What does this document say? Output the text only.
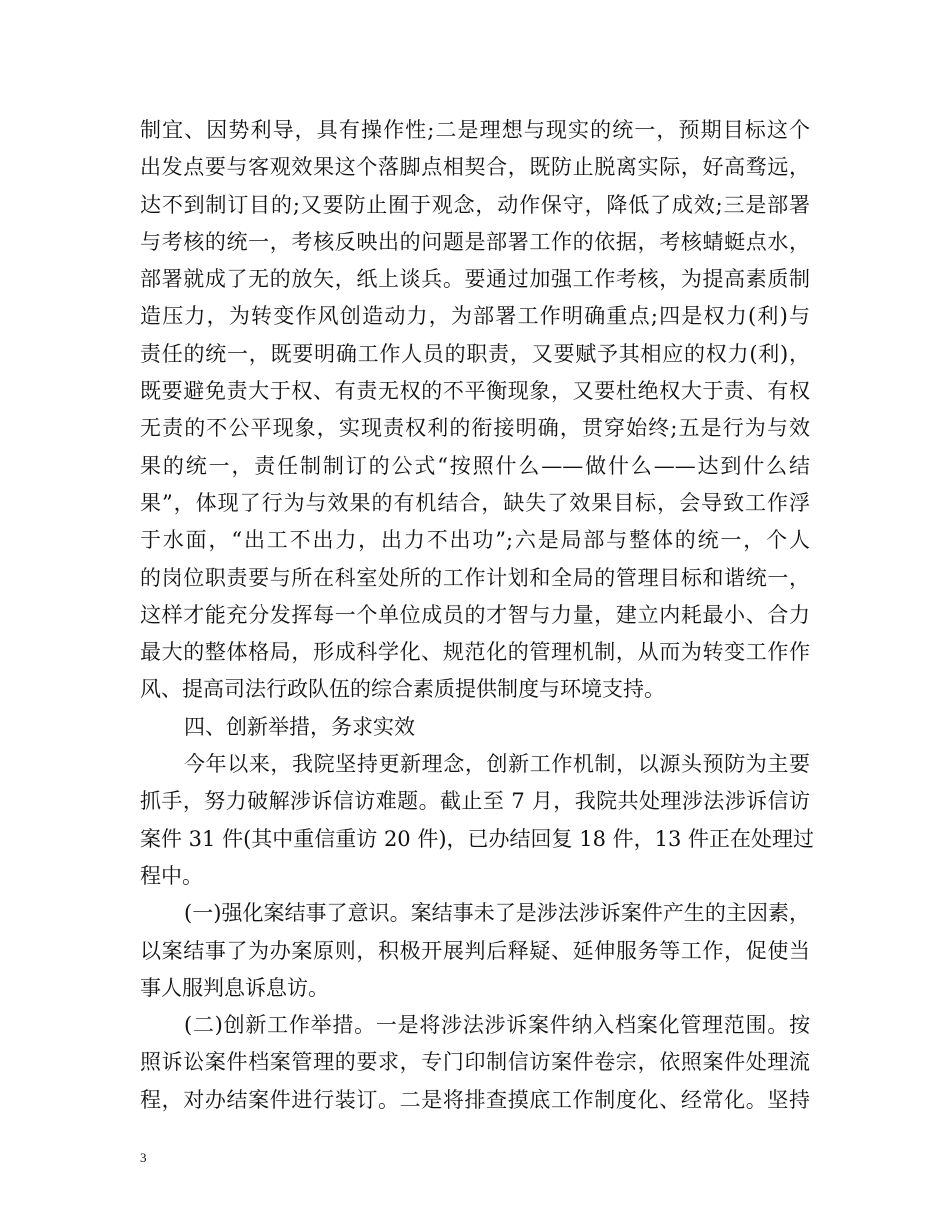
制宜、因势利导，具有操作性;二是理想与现实的统一，预期目标这个
出发点要与客观效果这个落脚点相契合，既防止脱离实际，好高骛远，
达不到制订目的;又要防止囿于观念，动作保守，降低了成效;三是部署
与考核的统一，考核反映出的问题是部署工作的依据，考核蜻蜓点水，
部署就成了无的放矢，纸上谈兵。要通过加强工作考核，为提高素质制
造压力，为转变作风创造动力，为部署工作明确重点;四是权力(利)与
责任的统一，既要明确工作人员的职责，又要赋予其相应的权力(利)，
既要避免责大于权、有责无权的不平衡现象，又要杜绝权大于责、有权
无责的不公平现象，实现责权利的衔接明确，贯穿始终;五是行为与效
果的统一，责任制制订的公式“按照什么——做什么——达到什么结
果”，体现了行为与效果的有机结合，缺失了效果目标，会导致工作浮
于水面，“出工不出力，出力不出功”;六是局部与整体的统一，个人
的岗位职责要与所在科室处所的工作计划和全局的管理目标和谐统一，
这样才能充分发挥每一个单位成员的才智与力量，建立内耗最小、合力
最大的整体格局，形成科学化、规范化的管理机制，从而为转变工作作
风、提高司法行政队伍的综合素质提供制度与环境支持。
四、创新举措，务求实效
今年以来，我院坚持更新理念，创新工作机制，以源头预防为主要
抓手，努力破解涉诉信访难题。截止至 7 月，我院共处理涉法涉诉信访
案件 31 件(其中重信重访 20 件)，已办结回复 18 件，13 件正在处理过
程中。
(一)强化案结事了意识。案结事未了是涉法涉诉案件产生的主因素，
以案结事了为办案原则，积极开展判后释疑、延伸服务等工作，促使当
事人服判息诉息访。
(二)创新工作举措。一是将涉法涉诉案件纳入档案化管理范围。按
照诉讼案件档案管理的要求，专门印制信访案件卷宗，依照案件处理流
程，对办结案件进行装订。二是将排查摸底工作制度化、经常化。坚持
3
